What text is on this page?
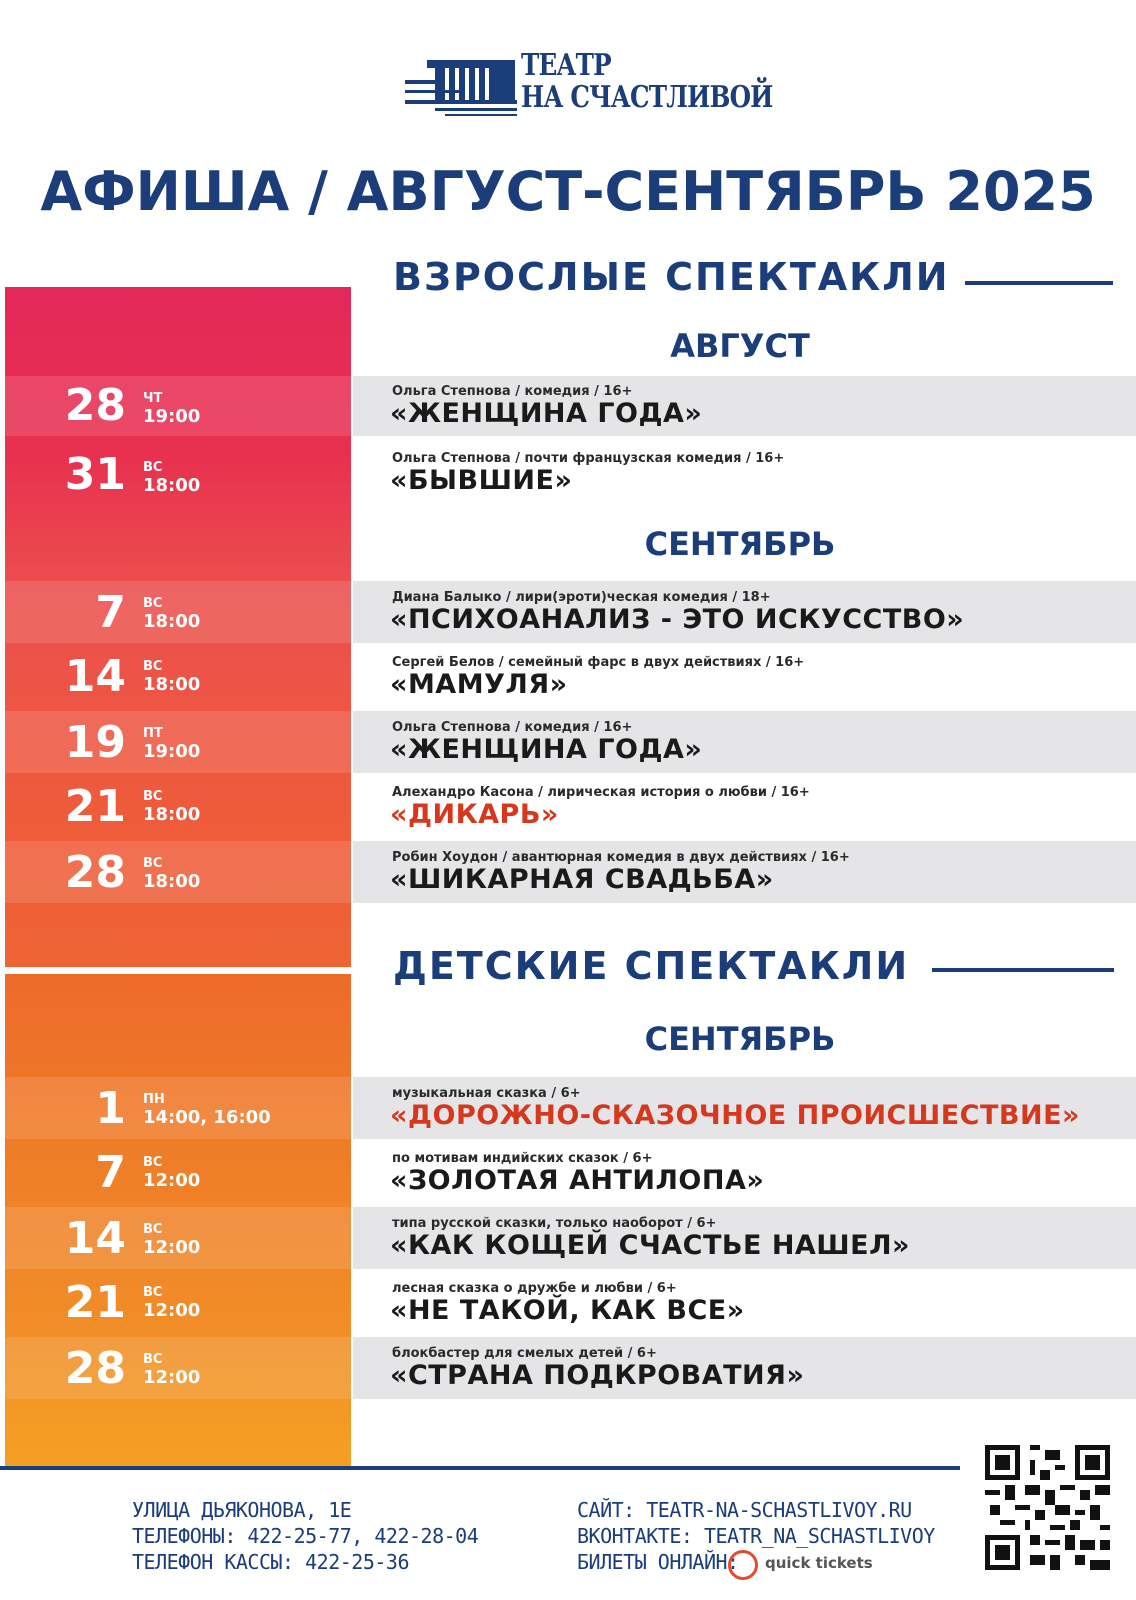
ТЕАТР
НА СЧАСТЛИВОЙ
АФИША / АВГУСТ-СЕНТЯБРЬ 2025
ВЗРОСЛЫЕ СПЕКТАКЛИ
АВГУСТ
28 ЧТ
19:00
Ольга Степнова / комедия / 16+
«ЖЕНЩИНА ГОДА»
31 ВС
18:00
Ольга Степнова / почти французская комедия / 16+
«БЫВШИЕ»
СЕНТЯБРЬ
7 ВС
18:00
Диана Балыко / лири(эроти)ческая комедия / 18+
«ПСИХОАНАЛИЗ - ЭТО ИСКУССТВО»
14 ВС
18:00
Сергей Белов / семейный фарс в двух действиях / 16+
«МАМУЛЯ»
19 ПТ
19:00
Ольга Степнова / комедия / 16+
«ЖЕНЩИНА ГОДА»
21 ВС
18:00
Алехандро Касона / лирическая история о любви / 16+
«ДИКАРЬ»
28 ВС
18:00
Робин Хоудон / авантюрная комедия в двух действиях / 16+
«ШИКАРНАЯ СВАДЬБА»
ДЕТСКИЕ СПЕКТАКЛИ
СЕНТЯБРЬ
1 ПН
14:00, 16:00
музыкальная сказка / 6+
«ДОРОЖНО-СКАЗОЧНОЕ ПРОИСШЕСТВИЕ»
7 ВС
12:00
по мотивам индийских сказок / 6+
«ЗОЛОТАЯ АНТИЛОПА»
14 ВС
12:00
типа русской сказки, только наоборот / 6+
«КАК КОЩЕЙ СЧАСТЬЕ НАШЕЛ»
21 ВС
12:00
лесная сказка о дружбе и любви / 6+
«НЕ ТАКОЙ, КАК ВСЕ»
28 ВС
12:00
блокбастер для смелых детей / 6+
«СТРАНА ПОДКРОВАТИЯ»
УЛИЦА ДЬЯКОНОВА, 1Е
ТЕЛЕФОНЫ: 422-25-77, 422-28-04
ТЕЛЕФОН КАССЫ: 422-25-36
САЙТ: TEATR-NA-SCHASTLIVOY.RU
ВКОНТАКТЕ: TEATR_NA_SCHASTLIVOY
БИЛЕТЫ ОНЛАЙН: quick tickets
